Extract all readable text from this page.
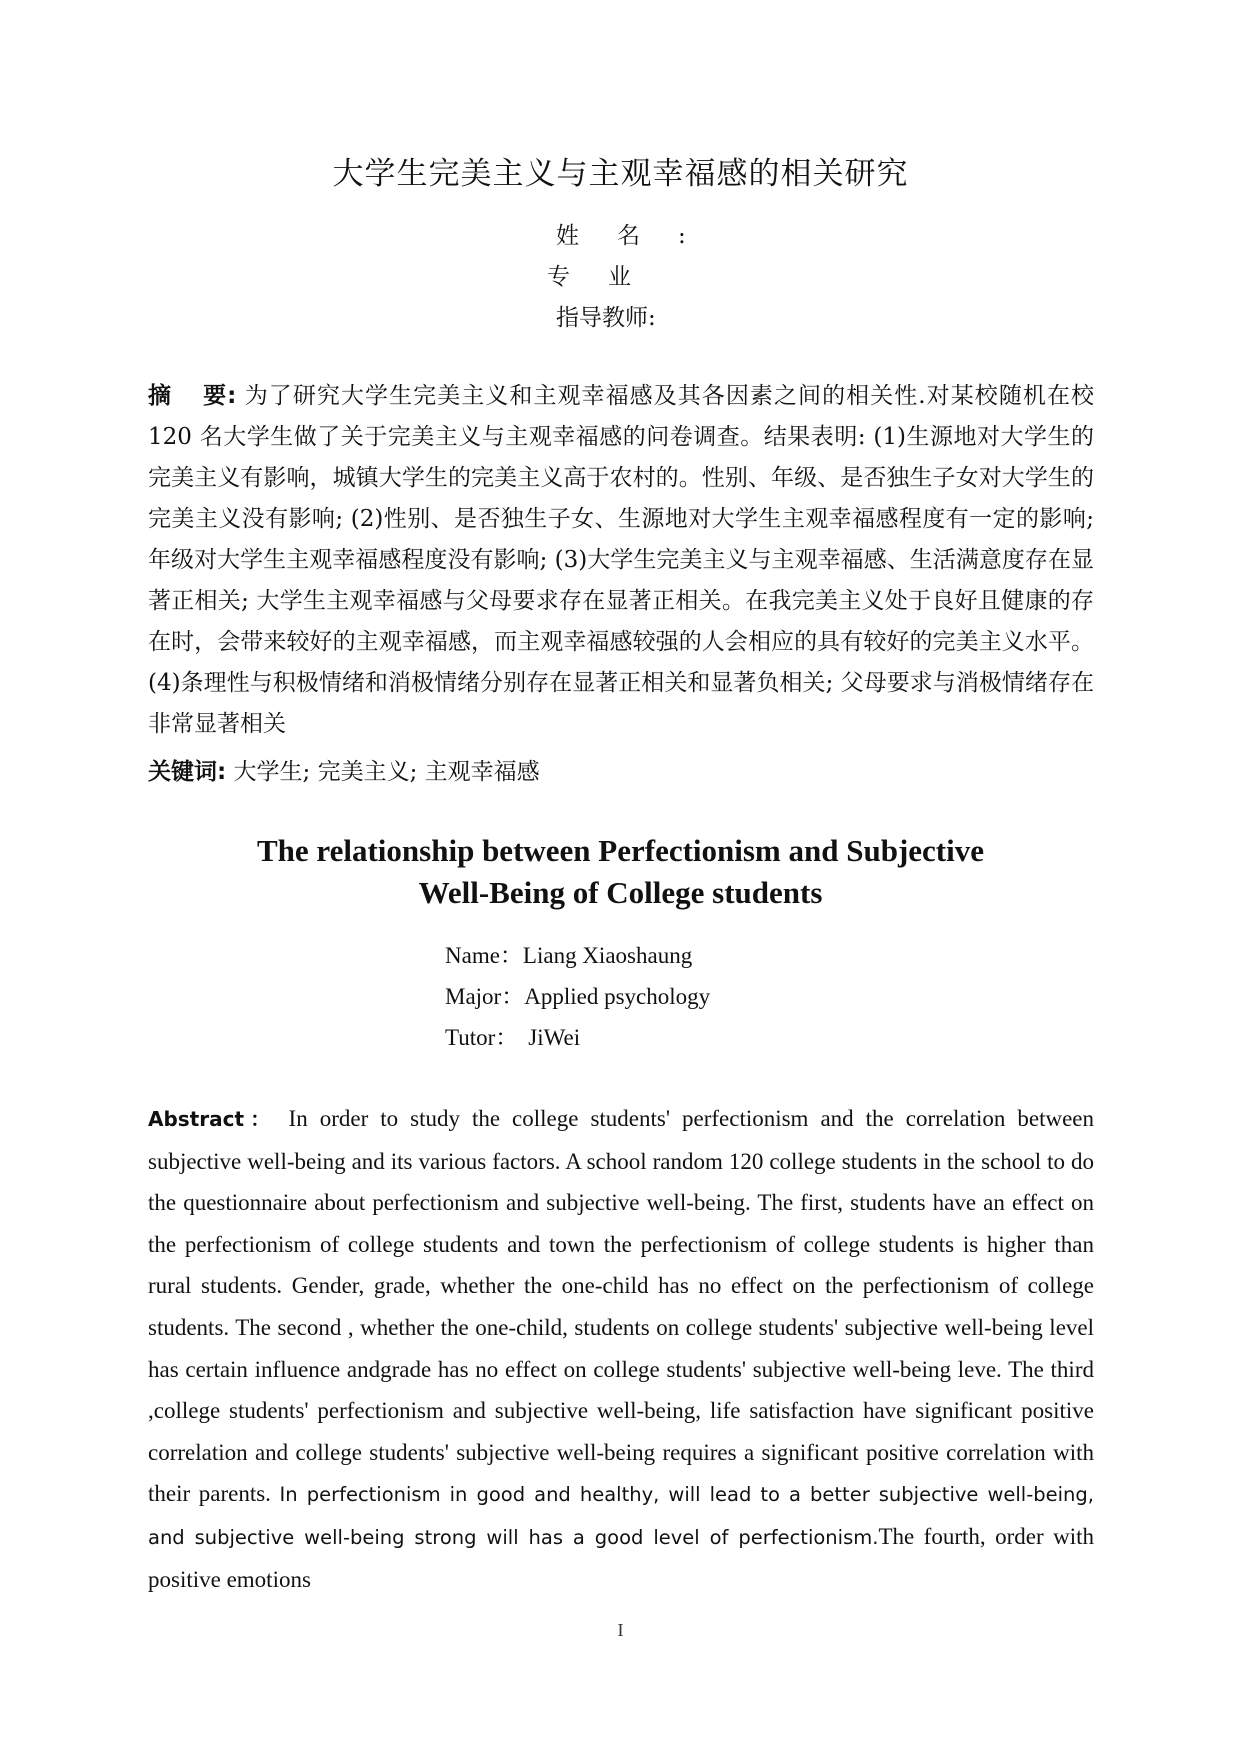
大学生完美主义与主观幸福感的相关研究
姓名:
专业
指导教师:
摘 要: 为了研究大学生完美主义和主观幸福感及其各因素之间的相关性.对某校随机在校 120 名大学生做了关于完美主义与主观幸福感的问卷调查。结果表明: (1)生源地对大学生的完美主义有影响，城镇大学生的完美主义高于农村的。性别、年级、是否独生子女对大学生的完美主义没有影响; (2)性别、是否独生子女、生源地对大学生主观幸福感程度有一定的影响; 年级对大学生主观幸福感程度没有影响; (3)大学生完美主义与主观幸福感、生活满意度存在显著正相关; 大学生主观幸福感与父母要求存在显著正相关。在我完美主义处于良好且健康的存在时，会带来较好的主观幸福感，而主观幸福感较强的人会相应的具有较好的完美主义水平。(4)条理性与积极情绪和消极情绪分别存在显著正相关和显著负相关; 父母要求与消极情绪存在非常显著相关
关键词: 大学生; 完美主义; 主观幸福感
The relationship between Perfectionism and Subjective
Well-Being of College students
Name：Liang Xiaoshaung
Major：Applied psychology
Tutor： JiWei
Abstract： In order to study the college students' perfectionism and the correlation between subjective well-being and its various factors. A school random 120 college students in the school to do the questionnaire about perfectionism and subjective well-being. The first, students have an effect on the perfectionism of college students and town the perfectionism of college students is higher than rural students. Gender, grade, whether the one-child has no effect on the perfectionism of college students. The second , whether the one-child, students on college students' subjective well-being level has certain influence andgrade has no effect on college students' subjective well-being leve. The third ,college students' perfectionism and subjective well-being, life satisfaction have significant positive correlation and college students' subjective well-being requires a significant positive correlation with their parents. In perfectionism in good and healthy, will lead to a better subjective well-being, and subjective well-being strong will has a good level of perfectionism.The fourth, order with positive emotions
I
